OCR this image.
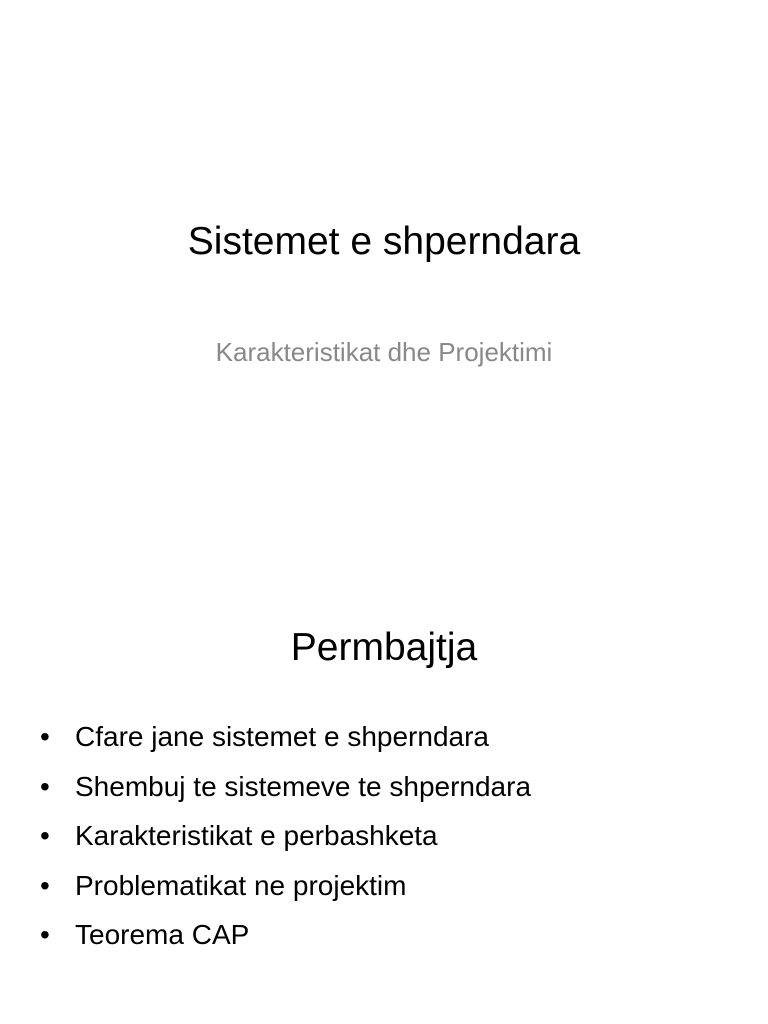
Sistemet e shperndara
Karakteristikat dhe Projektimi
Permbajtja
• Cfare jane sistemet e shperndara
• Shembuj te sistemeve te shperndara
• Karakteristikat e perbashketa
• Problematikat ne projektim
• Teorema CAP
